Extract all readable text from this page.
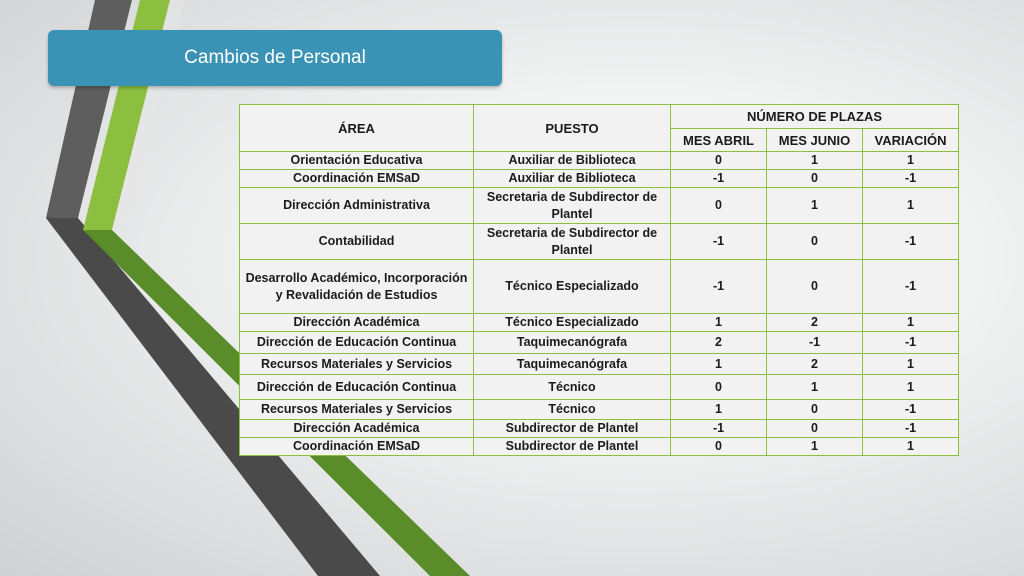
Cambios de Personal
ÁREA	PUESTO	NÚMERO DE PLAZAS		
		MES ABRIL	MES JUNIO	VARIACIÓN
Orientación Educativa	Auxiliar de Biblioteca	0	1	1
Coordinación EMSaD	Auxiliar de Biblioteca	-1	0	-1
Dirección Administrativa	Secretaria de Subdirector de Plantel	0	1	1
Contabilidad	Secretaria de Subdirector de Plantel	-1	0	-1
Desarrollo Académico, Incorporación y Revalidación de Estudios	Técnico Especializado	-1	0	-1
Dirección Académica	Técnico Especializado	1	2	1
Dirección de Educación Continua	Taquimecanógrafa	2	-1	-1
Recursos Materiales y Servicios	Taquimecanógrafa	1	2	1
Dirección de Educación Continua	Técnico	0	1	1
Recursos Materiales y Servicios	Técnico	1	0	-1
Dirección Académica	Subdirector de Plantel	-1	0	-1
Coordinación EMSaD	Subdirector de Plantel	0	1	1
